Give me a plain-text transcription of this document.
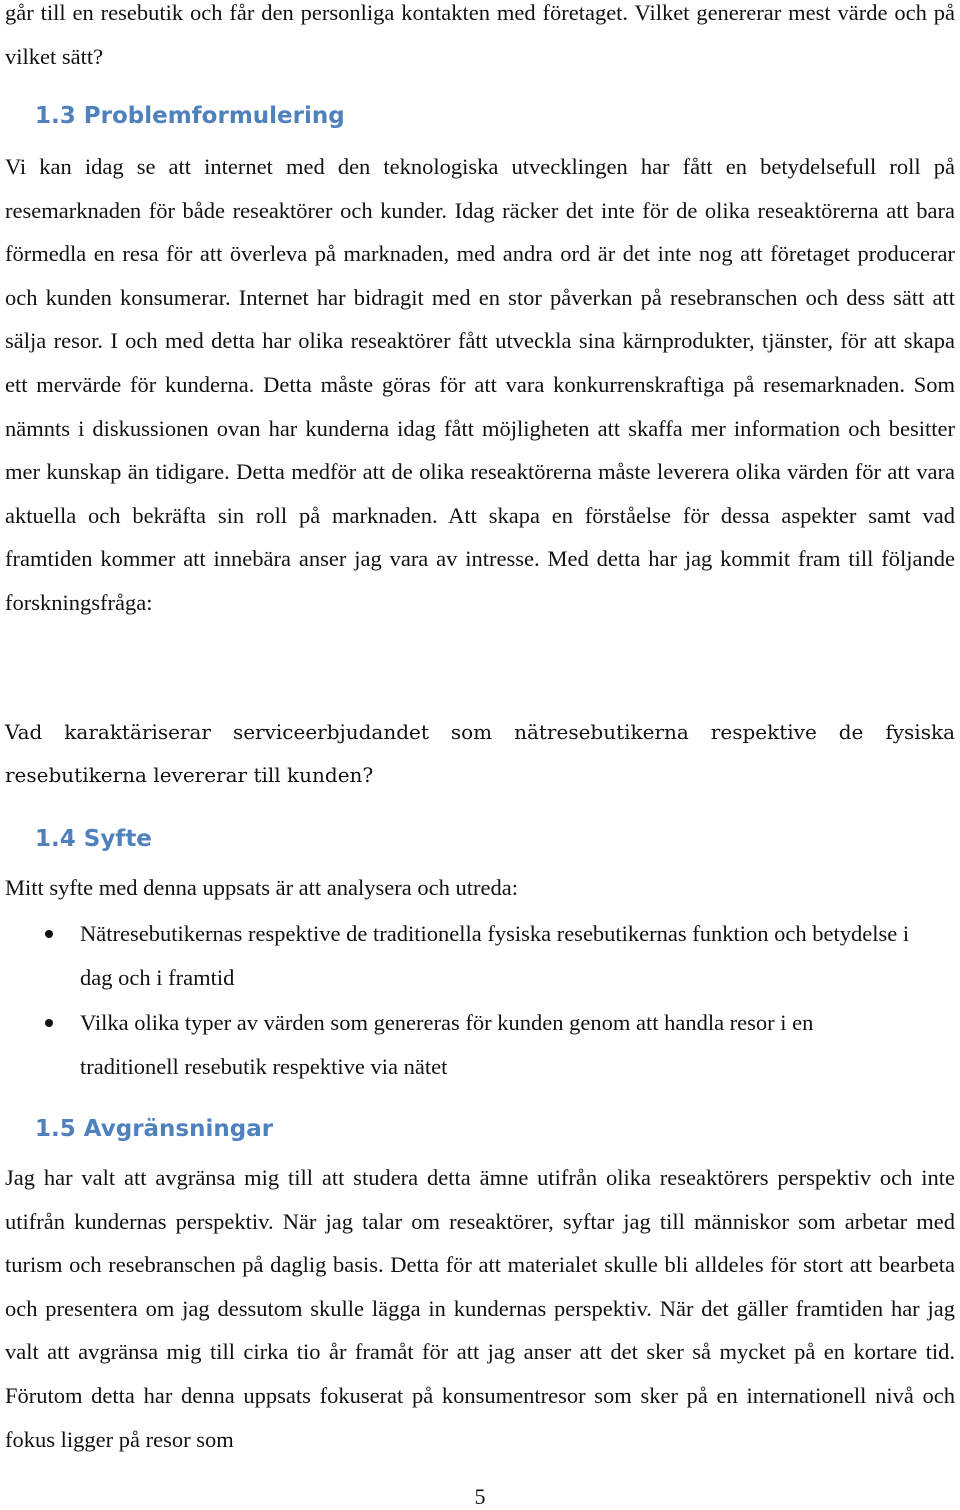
går till en resebutik och får den personliga kontakten med företaget. Vilket genererar mest värde och på vilket sätt?

1.3 Problemformulering

Vi kan idag se att internet med den teknologiska utvecklingen har fått en betydelsefull roll på resemarknaden för både reseaktörer och kunder. Idag räcker det inte för de olika reseaktörerna att bara förmedla en resa för att överleva på marknaden, med andra ord är det inte nog att företaget producerar och kunden konsumerar. Internet har bidragit med en stor påverkan på resebranschen och dess sätt att sälja resor. I och med detta har olika reseaktörer fått utveckla sina kärnprodukter, tjänster, för att skapa ett mervärde för kunderna. Detta måste göras för att vara konkurrenskraftiga på resemarknaden. Som nämnts i diskussionen ovan har kunderna idag fått möjligheten att skaffa mer information och besitter mer kunskap än tidigare. Detta medför att de olika reseaktörerna måste leverera olika värden för att vara aktuella och bekräfta sin roll på marknaden. Att skapa en förståelse för dessa aspekter samt vad framtiden kommer att innebära anser jag vara av intresse. Med detta har jag kommit fram till följande forskningsfråga:

Vad karaktäriserar serviceerbjudandet som nätresebutikerna respektive de fysiska resebutikerna levererar till kunden?

1.4 Syfte

Mitt syfte med denna uppsats är att analysera och utreda:

Nätresebutikernas respektive de traditionella fysiska resebutikernas funktion och betydelse i dag och i framtid
Vilka olika typer av värden som genereras för kunden genom att handla resor i en traditionell resebutik respektive via nätet
1.5 Avgränsningar

Jag har valt att avgränsa mig till att studera detta ämne utifrån olika reseaktörers perspektiv och inte utifrån kundernas perspektiv. När jag talar om reseaktörer, syftar jag till människor som arbetar med turism och resebranschen på daglig basis. Detta för att materialet skulle bli alldeles för stort att bearbeta och presentera om jag dessutom skulle lägga in kundernas perspektiv. När det gäller framtiden har jag valt att avgränsa mig till cirka tio år framåt för att jag anser att det sker så mycket på en kortare tid. Förutom detta har denna uppsats fokuserat på konsumentresor som sker på en internationell nivå och fokus ligger på resor som

5
